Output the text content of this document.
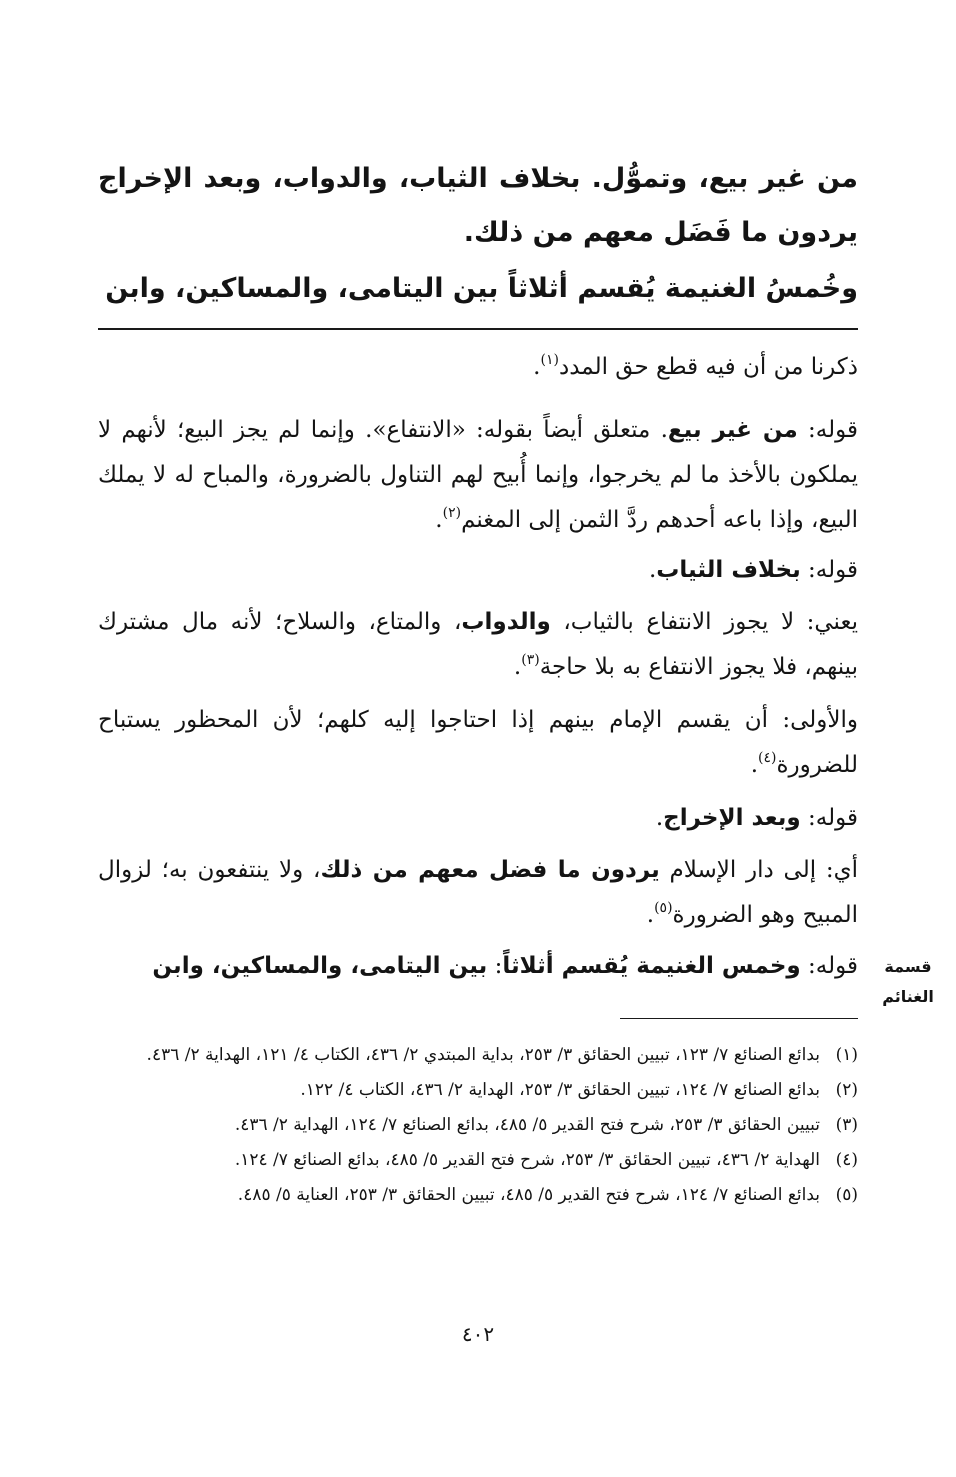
من غير بيع، وتموُّل. بخلاف الثياب، والدواب، وبعد الإخراج يردون ما فَضَل معهم من ذلك.
وخُمسُ الغنيمة يُقسم أثلاثاً بين اليتامى، والمساكين، وابن
ذكرنا من أن فيه قطع حق المدد$^{(١)}$.
قوله: من غير بيع. متعلق أيضاً بقوله: «الانتفاع». وإنما لم يجز البيع؛ لأنهم لا يملكون بالأخذ ما لم يخرجوا، وإنما أُبيح لهم التناول بالضرورة، والمباح له لا يملك البيع، وإذا باعه أحدهم ردَّ الثمن إلى المغنم$^{(٢)}$.
قوله: بخلاف الثياب.
يعني: لا يجوز الانتفاع بالثياب، والدواب، والمتاع، والسلاح؛ لأنه مال مشترك بينهم، فلا يجوز الانتفاع به بلا حاجة$^{(٣)}$.
والأولى: أن يقسم الإمام بينهم إذا احتاجوا إليه كلهم؛ لأن المحظور يستباح للضرورة$^{(٤)}$.
قوله: وبعد الإخراج.
أي: إلى دار الإسلام يردون ما فضل معهم من ذلك، ولا ينتفعون به؛ لزوال المبيح وهو الضرورة$^{(٥)}$.
قوله: وخمس الغنيمة يُقسم أثلاثاً: بين اليتامى، والمساكين، وابن	قسمة
الغنائم
(١)
بدائع الصنائع ٧/ ١٢٣، تبيين الحقائق ٣/ ٢٥٣، بداية المبتدي ٢/ ٤٣٦، الكتاب ٤/ ١٢١، الهداية ٢/ ٤٣٦.
(٢)
بدائع الصنائع ٧/ ١٢٤، تبيين الحقائق ٣/ ٢٥٣، الهداية ٢/ ٤٣٦، الكتاب ٤/ ١٢٢.
(٣)
تبيين الحقائق ٣/ ٢٥٣، شرح فتح القدير ٥/ ٤٨٥، بدائع الصنائع ٧/ ١٢٤، الهداية ٢/ ٤٣٦.
(٤)
الهداية ٢/ ٤٣٦، تبيين الحقائق ٣/ ٢٥٣، شرح فتح القدير ٥/ ٤٨٥، بدائع الصنائع ٧/ ١٢٤.
(٥)
بدائع الصنائع ٧/ ١٢٤، شرح فتح القدير ٥/ ٤٨٥، تبيين الحقائق ٣/ ٢٥٣، العناية ٥/ ٤٨٥.
٤٠٢
